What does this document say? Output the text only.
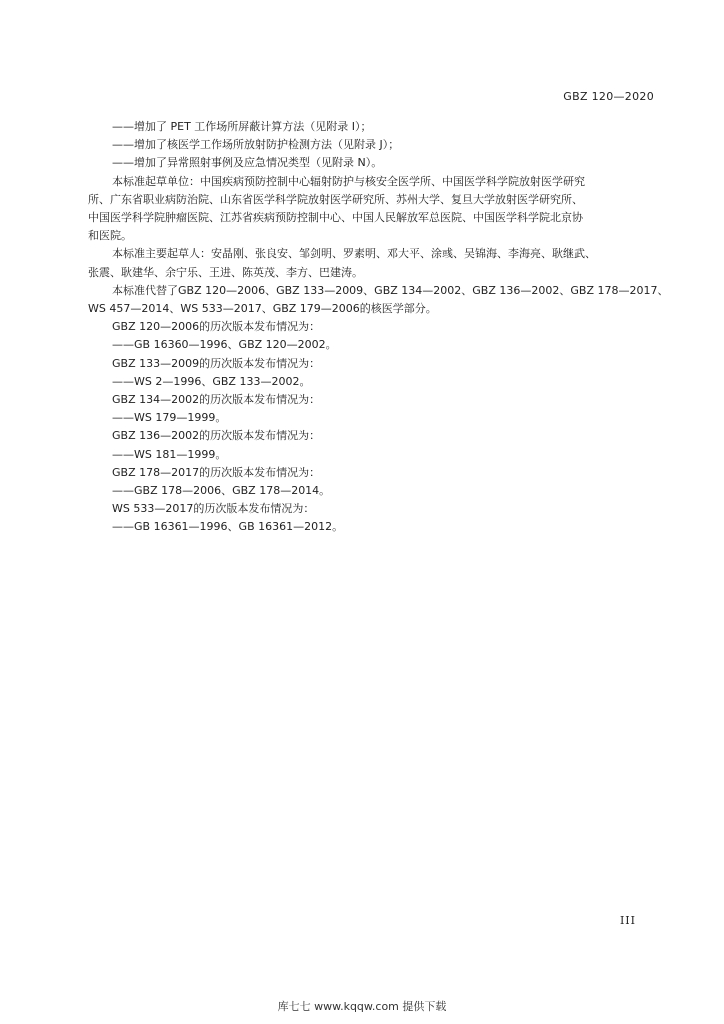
GBZ 120—2020
——增加了 PET 工作场所屏蔽计算方法（见附录 I）；
——增加了核医学工作场所放射防护检测方法（见附录 J）；
——增加了异常照射事例及应急情况类型（见附录 N）。
本标准起草单位：中国疾病预防控制中心辐射防护与核安全医学所、中国医学科学院放射医学研究
所、广东省职业病防治院、山东省医学科学院放射医学研究所、苏州大学、复旦大学放射医学研究所、
中国医学科学院肿瘤医院、江苏省疾病预防控制中心、中国人民解放军总医院、中国医学科学院北京协
和医院。
本标准主要起草人：安晶刚、张良安、邹剑明、罗素明、邓大平、涂彧、吴锦海、李海亮、耿继武、
张震、耿建华、余宁乐、王进、陈英茂、李方、巴建涛。
本标准代替了GBZ 120—2006、GBZ 133—2009、GBZ 134—2002、GBZ 136—2002、GBZ 178—2017、
WS 457—2014、WS 533—2017、GBZ 179—2006的核医学部分。
GBZ 120—2006的历次版本发布情况为：
——GB 16360—1996、GBZ 120—2002。
GBZ 133—2009的历次版本发布情况为：
——WS 2—1996、GBZ 133—2002。
GBZ 134—2002的历次版本发布情况为：
——WS 179—1999。
GBZ 136—2002的历次版本发布情况为：
——WS 181—1999。
GBZ 178—2017的历次版本发布情况为：
——GBZ 178—2006、GBZ 178—2014。
WS 533—2017的历次版本发布情况为：
——GB 16361—1996、GB 16361—2012。
III
库七七 www.kqqw.com 提供下载
